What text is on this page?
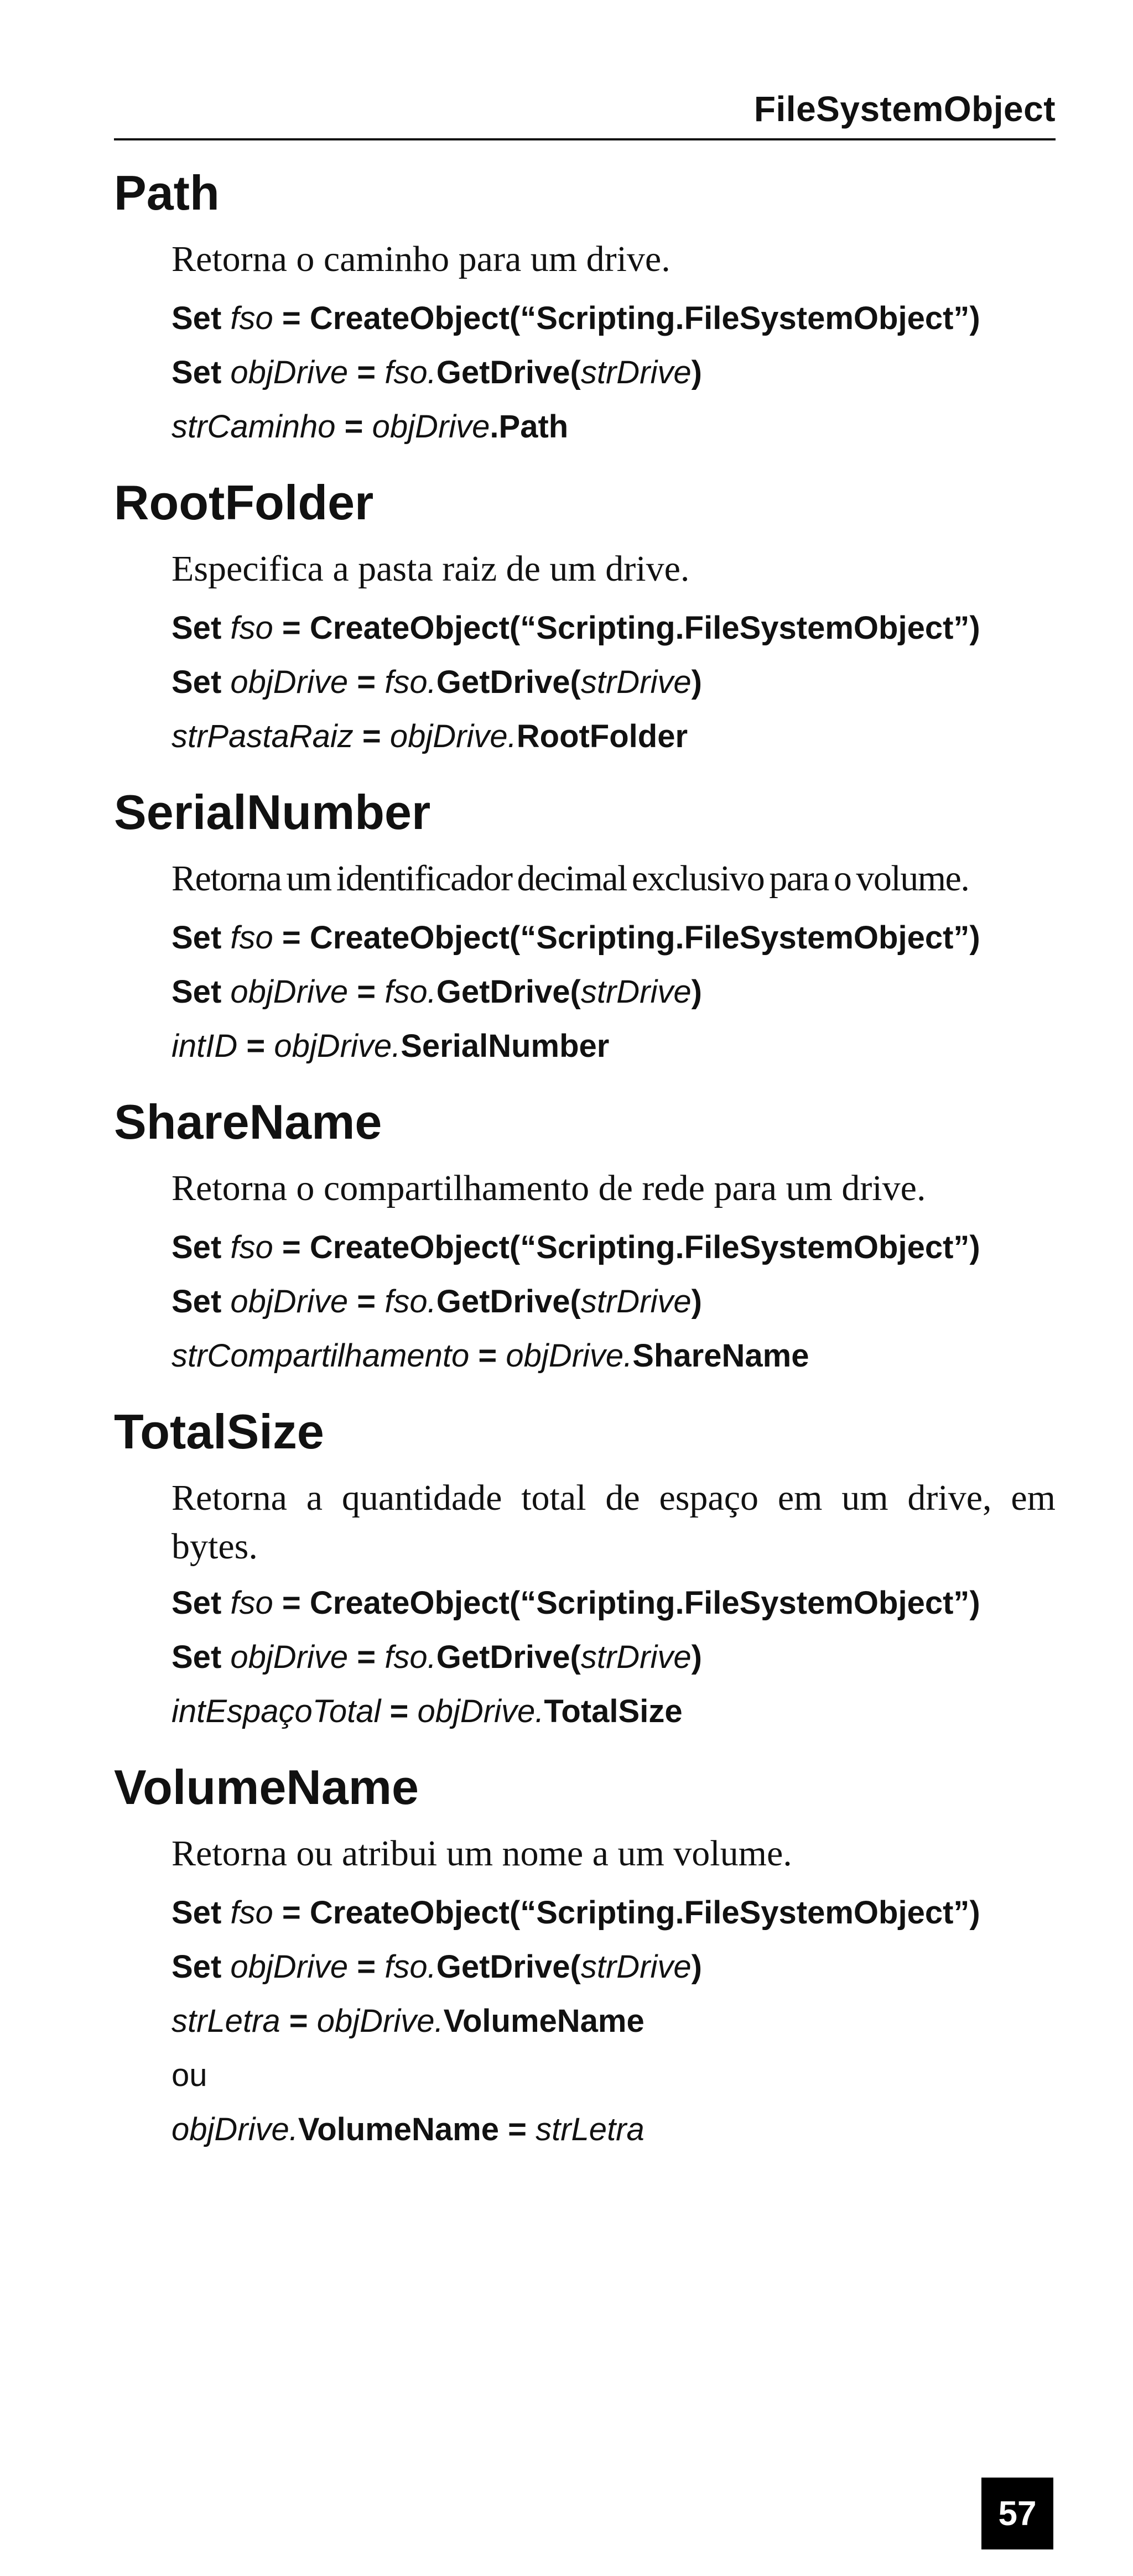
FileSystemObject
Path
Retorna o caminho para um drive.
Set fso = CreateObject(“Scripting.FileSystemObject”)
Set objDrive = fso.GetDrive(strDrive)
strCaminho = objDrive.Path
RootFolder
Especifica a pasta raiz de um drive.
Set fso = CreateObject(“Scripting.FileSystemObject”)
Set objDrive = fso.GetDrive(strDrive)
strPastaRaiz = objDrive.RootFolder
SerialNumber
Retorna um identificador decimal exclusivo para o volume.
Set fso = CreateObject(“Scripting.FileSystemObject”)
Set objDrive = fso.GetDrive(strDrive)
intID = objDrive.SerialNumber
ShareName
Retorna o compartilhamento de rede para um drive.
Set fso = CreateObject(“Scripting.FileSystemObject”)
Set objDrive = fso.GetDrive(strDrive)
strCompartilhamento = objDrive.ShareName
TotalSize
Retorna a quantidade total de espaço em um drive, em bytes.
Set fso = CreateObject(“Scripting.FileSystemObject”)
Set objDrive = fso.GetDrive(strDrive)
intEspaçoTotal = objDrive.TotalSize
VolumeName
Retorna ou atribui um nome a um volume.
Set fso = CreateObject(“Scripting.FileSystemObject”)
Set objDrive = fso.GetDrive(strDrive)
strLetra = objDrive.VolumeName
ou
objDrive.VolumeName = strLetra
57
